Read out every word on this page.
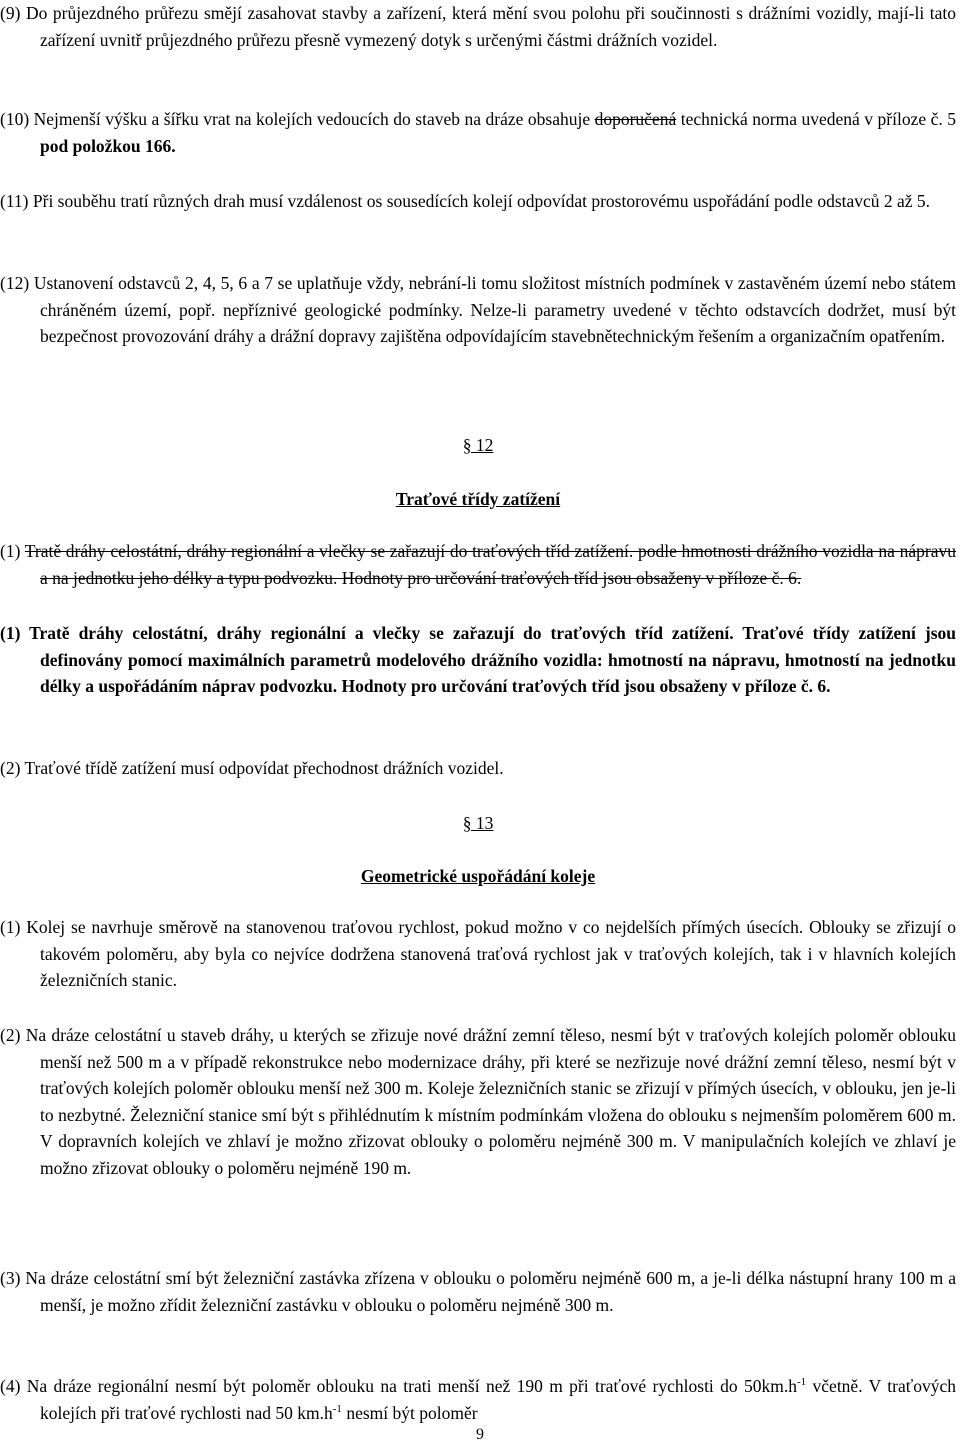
(9) Do průjezdného průřezu smějí zasahovat stavby a zařízení, která mění svou polohu při součinnosti s drážními vozidly, mají-li tato zařízení uvnitř průjezdného průřezu přesně vymezený dotyk s určenými částmi drážních vozidel.

(10) Nejmenší výšku a šířku vrat na kolejích vedoucích do staveb na dráze obsahuje doporučená technická norma uvedená v příloze č. 5 pod položkou 166.

(11) Při souběhu tratí různých drah musí vzdálenost os sousedících kolejí odpovídat prostorovému uspořádání podle odstavců 2 až 5.

(12) Ustanovení odstavců 2, 4, 5, 6 a 7 se uplatňuje vždy, nebrání-li tomu složitost místních podmínek v zastavěném území nebo státem chráněném území, popř. nepříznivé geologické podmínky. Nelze-li parametry uvedené v těchto odstavcích dodržet, musí být bezpečnost provozování dráhy a drážní dopravy zajištěna odpovídajícím stavebnětechnickým řešením a organizačním opatřením.

§ 12

Traťové třídy zatížení

(1) Tratě dráhy celostátní, dráhy regionální a vlečky se zařazují do traťových tříd zatížení. podle hmotnosti drážního vozidla na nápravu a na jednotku jeho délky a typu podvozku. Hodnoty pro určování traťových tříd jsou obsaženy v příloze č. 6.

(1) Tratě dráhy celostátní, dráhy regionální a vlečky se zařazují do traťových tříd zatížení. Traťové třídy zatížení jsou definovány pomocí maximálních parametrů modelového drážního vozidla: hmotností na nápravu, hmotností na jednotku délky a uspořádáním náprav podvozku. Hodnoty pro určování traťových tříd jsou obsaženy v příloze č. 6.

(2) Traťové třídě zatížení musí odpovídat přechodnost drážních vozidel.

§ 13

Geometrické uspořádání koleje

(1) Kolej se navrhuje směrově na stanovenou traťovou rychlost, pokud možno v co nejdelších přímých úsecích. Oblouky se zřizují o takovém poloměru, aby byla co nejvíce dodržena stanovená traťová rychlost jak v traťových kolejích, tak i v hlavních kolejích železničních stanic.

(2) Na dráze celostátní u staveb dráhy, u kterých se zřizuje nové drážní zemní těleso, nesmí být v traťových kolejích poloměr oblouku menší než 500 m a v případě rekonstrukce nebo modernizace dráhy, při které se nezřizuje nové drážní zemní těleso, nesmí být v traťových kolejích poloměr oblouku menší než 300 m. Koleje železničních stanic se zřizují v přímých úsecích, v oblouku, jen je-li to nezbytné. Železniční stanice smí být s přihlédnutím k místním podmínkám vložena do oblouku s nejmenším poloměrem 600 m. V dopravních kolejích ve zhlaví je možno zřizovat oblouky o poloměru nejméně 300 m. V manipulačních kolejích ve zhlaví je možno zřizovat oblouky o poloměru nejméně 190 m.

(3) Na dráze celostátní smí být železniční zastávka zřízena v oblouku o poloměru nejméně 600 m, a je-li délka nástupní hrany 100 m a menší, je možno zřídit železniční zastávku v oblouku o poloměru nejméně 300 m.

(4) Na dráze regionální nesmí být poloměr oblouku na trati menší než 190 m při traťové rychlosti do $50km.h^{-1}$ včetně. V traťových kolejích při traťové rychlosti nad 50 $km.h^{-1}$ nesmí být poloměr

9
